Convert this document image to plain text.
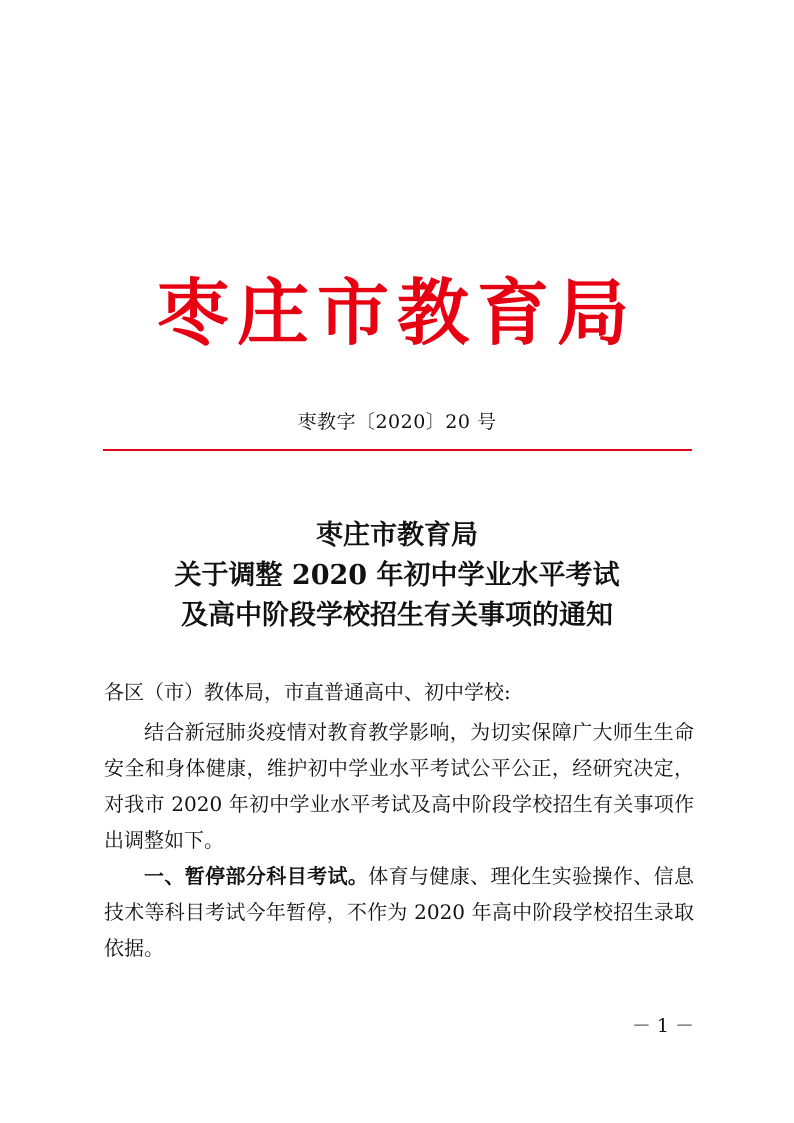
枣庄市教育局
枣教字〔2020〕20 号
枣庄市教育局
关于调整 2020 年初中学业水平考试
及高中阶段学校招生有关事项的通知

各区（市）教体局，市直普通高中、初中学校:

结合新冠肺炎疫情对教育教学影响，为切实保障广大师生生命安全和身体健康，维护初中学业水平考试公平公正，经研究决定，对我市 2020 年初中学业水平考试及高中阶段学校招生有关事项作出调整如下。

一、暂停部分科目考试。体育与健康、理化生实验操作、信息技术等科目考试今年暂停，不作为 2020 年高中阶段学校招生录取依据。

－ 1 －
